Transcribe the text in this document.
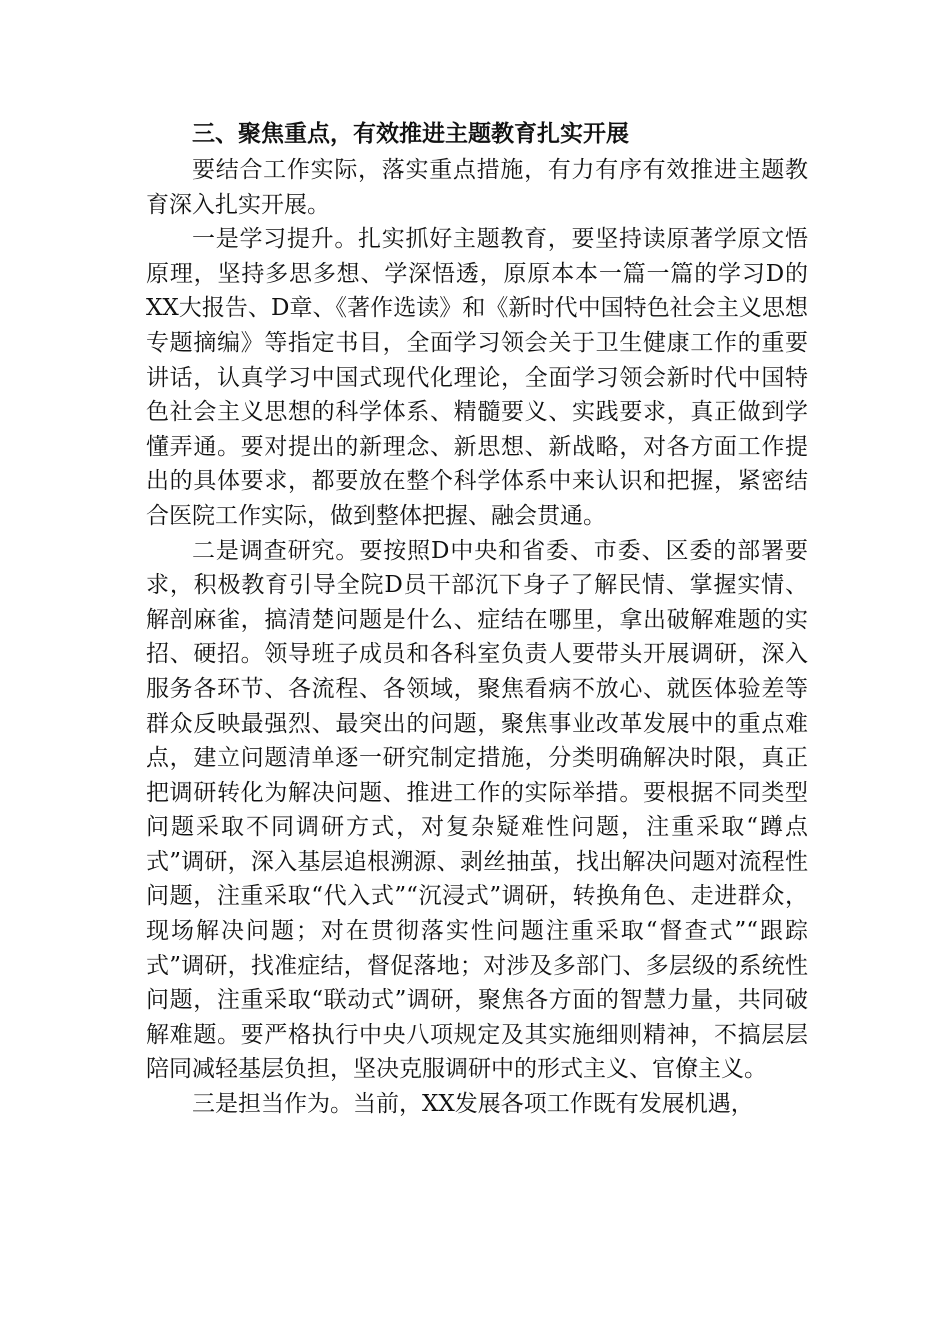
三、聚焦重点，有效推进主题教育扎实开展

要结合工作实际，落实重点措施，有力有序有效推进主题教育深入扎实开展。

一是学习提升。扎实抓好主题教育，要坚持读原著学原文悟原理，坚持多思多想、学深悟透，原原本本一篇一篇的学习D的XX大报告、D章、《著作选读》和《新时代中国特色社会主义思想专题摘编》等指定书目，全面学习领会关于卫生健康工作的重要讲话，认真学习中国式现代化理论，全面学习领会新时代中国特色社会主义思想的科学体系、精髓要义、实践要求，真正做到学懂弄通。要对提出的新理念、新思想、新战略，对各方面工作提出的具体要求，都要放在整个科学体系中来认识和把握，紧密结合医院工作实际，做到整体把握、融会贯通。

二是调查研究。要按照D中央和省委、市委、区委的部署要求，积极教育引导全院D员干部沉下身子了解民情、掌握实情、解剖麻雀，搞清楚问题是什么、症结在哪里，拿出破解难题的实招、硬招。领导班子成员和各科室负责人要带头开展调研，深入服务各环节、各流程、各领域，聚焦看病不放心、就医体验差等群众反映最强烈、最突出的问题，聚焦事业改革发展中的重点难点，建立问题清单逐一研究制定措施，分类明确解决时限，真正把调研转化为解决问题、推进工作的实际举措。要根据不同类型问题采取不同调研方式，对复杂疑难性问题，注重采取“蹲点式”调研，深入基层追根溯源、剥丝抽茧，找出解决问题对流程性问题，注重采取“代入式”“沉浸式”调研，转换角色、走进群众，现场解决问题；对在贯彻落实性问题注重采取“督查式”“跟踪式”调研，找准症结，督促落地；对涉及多部门、多层级的系统性问题，注重采取“联动式”调研，聚焦各方面的智慧力量，共同破解难题。要严格执行中央八项规定及其实施细则精神，不搞层层陪同减轻基层负担，坚决克服调研中的形式主义、官僚主义。

三是担当作为。当前，XX发展各项工作既有发展机遇，
